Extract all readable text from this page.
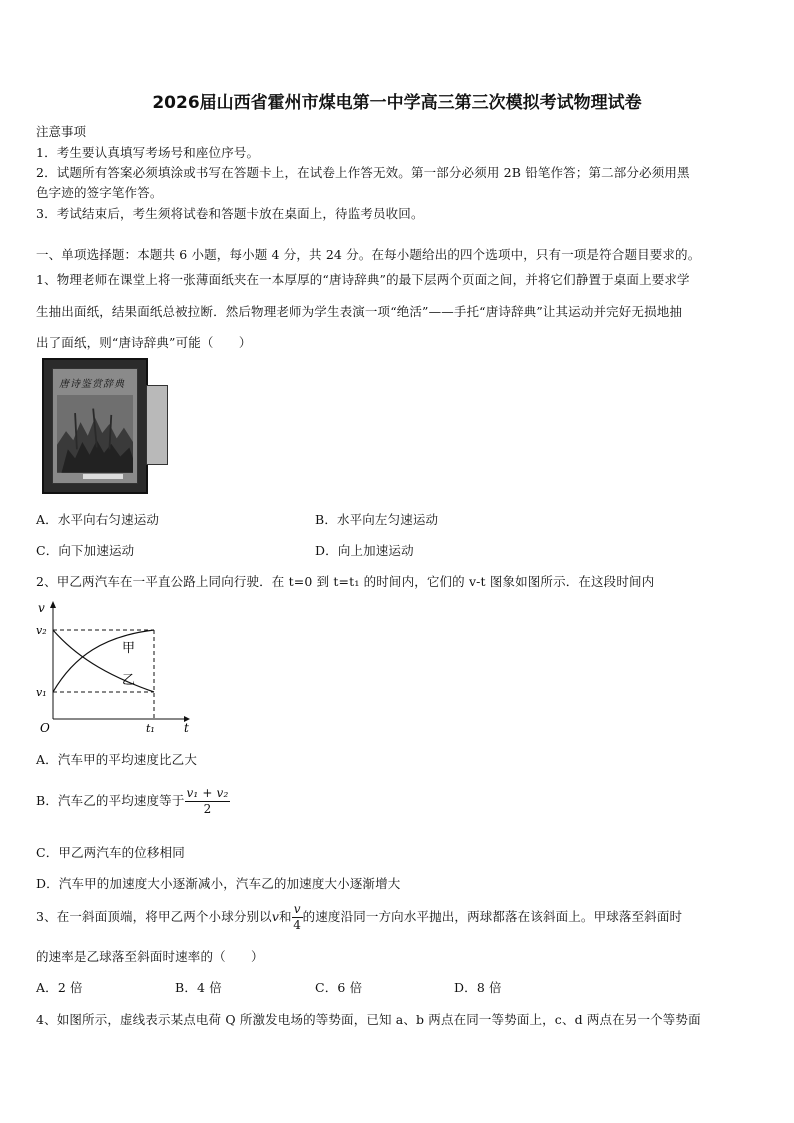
2026届山西省霍州市煤电第一中学高三第三次模拟考试物理试卷
注意事项
1．考生要认真填写考场号和座位序号。
2．试题所有答案必须填涂或书写在答题卡上，在试卷上作答无效。第一部分必须用 2B 铅笔作答；第二部分必须用黑
色字迹的签字笔作答。
3．考试结束后，考生须将试卷和答题卡放在桌面上，待监考员收回。
一、单项选择题：本题共 6 小题，每小题 4 分，共 24 分。在每小题给出的四个选项中，只有一项是符合题目要求的。
1、物理老师在课堂上将一张薄面纸夹在一本厚厚的“唐诗辞典”的最下层两个页面之间，并将它们静置于桌面上要求学
生抽出面纸，结果面纸总被拉断．然后物理老师为学生表演一项“绝活”——手托“唐诗辞典”让其运动并完好无损地抽
出了面纸，则“唐诗辞典”可能（　　）
唐诗鉴赏辞典
A．水平向右匀速运动	B．水平向左匀速运动
C．向下加速运动	D．向上加速运动
2、甲乙两汽车在一平直公路上同向行驶．在 t=0 到 t=t₁ 的时间内，它们的 v-t 图象如图所示．在这段时间内
v
t
O
v₂
v₁
t₁
甲
乙
A．汽车甲的平均速度比乙大
B．汽车乙的平均速度等于 $\frac{\text{v₁ + v₂}}{2}$
C．甲乙两汽车的位移相同
D．汽车甲的加速度大小逐渐减小，汽车乙的加速度大小逐渐增大
3、在一斜面顶端，将甲乙两个小球分别以v和 $\frac{v}{4}$ 的速度沿同一方向水平抛出，两球都落在该斜面上。甲球落至斜面时
的速率是乙球落至斜面时速率的（　　）
A．2 倍	B．4 倍	C．6 倍	D．8 倍
4、如图所示，虚线表示某点电荷 Q 所激发电场的等势面，已知 a、b 两点在同一等势面上，c、d 两点在另一个等势面
